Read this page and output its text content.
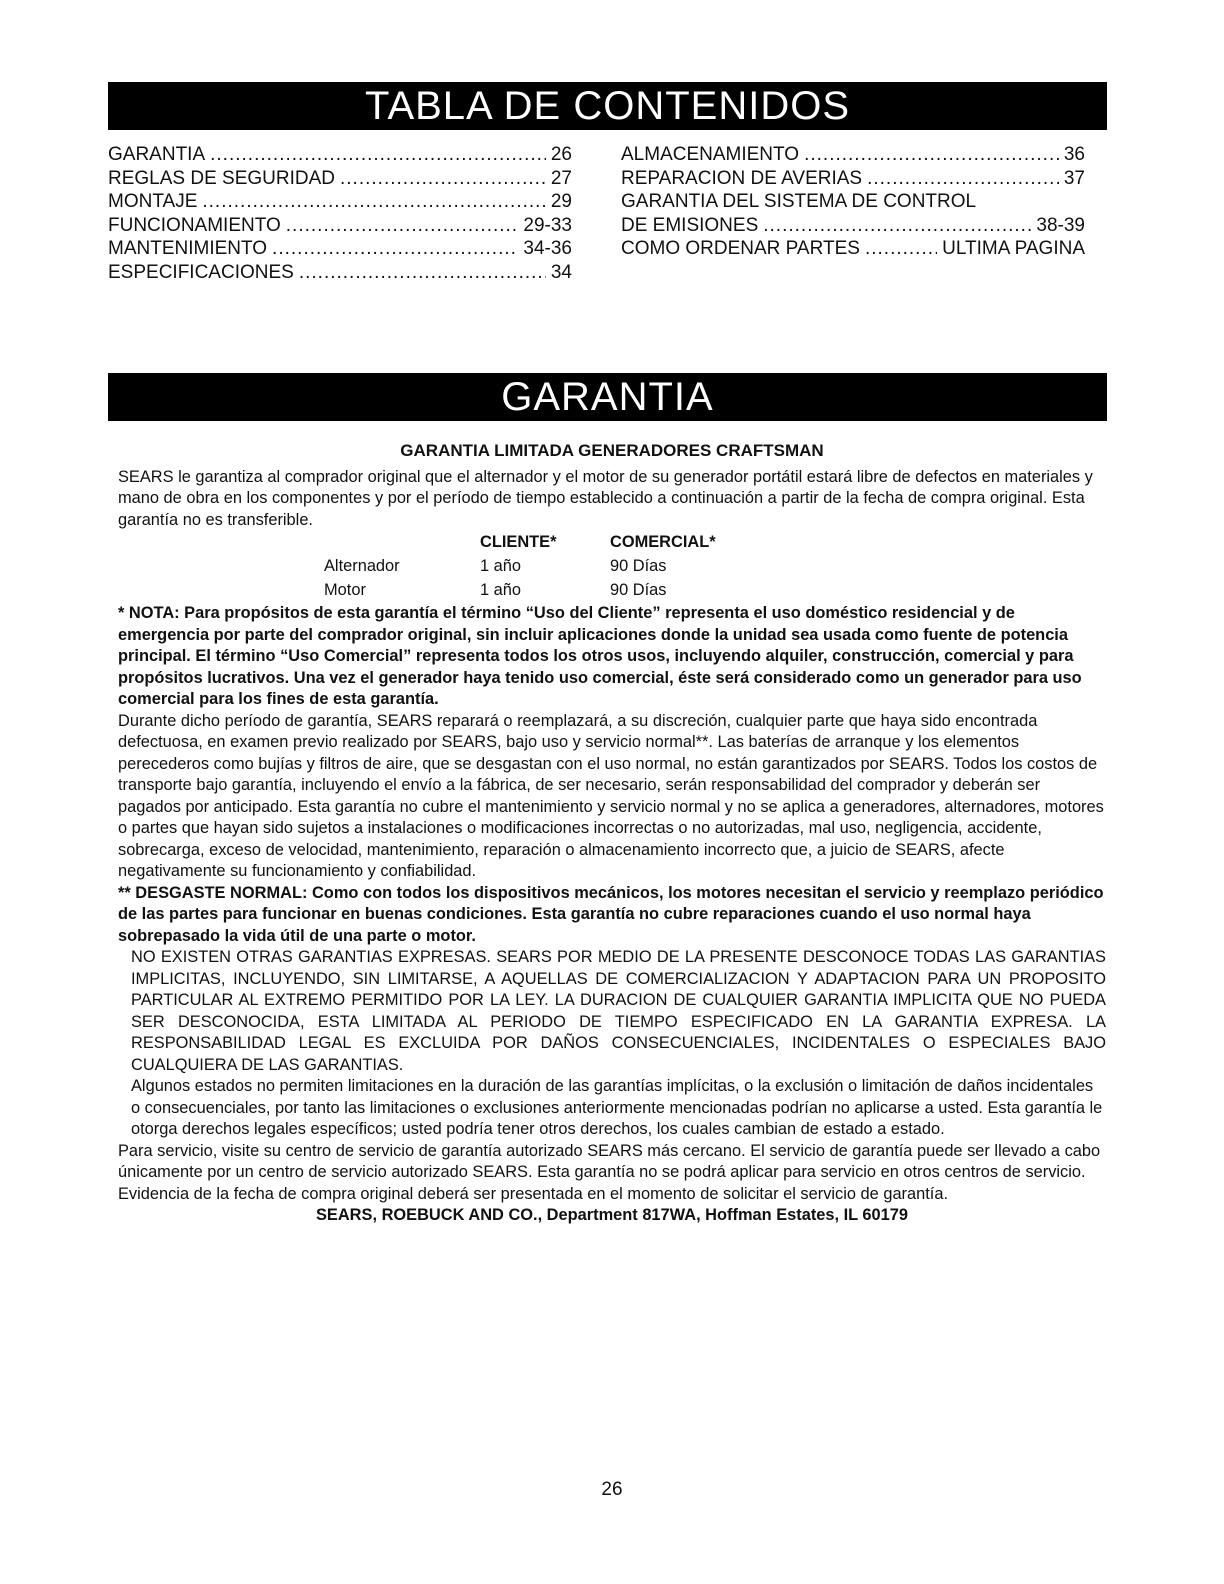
TABLA DE CONTENIDOS
GARANTIA .....	26
REGLAS DE SEGURIDAD .....	27
MONTAJE .....	29
FUNCIONAMIENTO .....	29-33
MANTENIMIENTO .....	34-36
ESPECIFICACIONES .....	34
ALMACENAMIENTO .....	36
REPARACION DE AVERIAS .....	37
GARANTIA DEL SISTEMA DE CONTROL
DE EMISIONES .....	38-39
COMO ORDENAR PARTES .....	ULTIMA PAGINA
GARANTIA

GARANTIA LIMITADA GENERADORES CRAFTSMAN

SEARS le garantiza al comprador original que el alternador y el motor de su generador portátil estará libre de defectos en materiales y mano de obra en los componentes y por el período de tiempo establecido a continuación a partir de la fecha de compra original. Esta garantía no es transferible.

	CLIENTE*	COMERCIAL*
Alternador	1 año	90 Días
Motor	1 año	90 Días

* NOTA: Para propósitos de esta garantía el término “Uso del Cliente” representa el uso doméstico residencial y de emergencia por parte del comprador original, sin incluir aplicaciones donde la unidad sea usada como fuente de potencia principal. El término “Uso Comercial” representa todos los otros usos, incluyendo alquiler, construcción, comercial y para propósitos lucrativos. Una vez el generador haya tenido uso comercial, éste será considerado como un generador para uso comercial para los fines de esta garantía.

Durante dicho período de garantía, SEARS reparará o reemplazará, a su discreción, cualquier parte que haya sido encontrada defectuosa, en examen previo realizado por SEARS, bajo uso y servicio normal**. Las baterías de arranque y los elementos perecederos como bujías y filtros de aire, que se desgastan con el uso normal, no están garantizados por SEARS. Todos los costos de transporte bajo garantía, incluyendo el envío a la fábrica, de ser necesario, serán responsabilidad del comprador y deberán ser pagados por anticipado. Esta garantía no cubre el mantenimiento y servicio normal y no se aplica a generadores, alternadores, motores o partes que hayan sido sujetos a instalaciones o modificaciones incorrectas o no autorizadas, mal uso, negligencia, accidente, sobrecarga, exceso de velocidad, mantenimiento, reparación o almacenamiento incorrecto que, a juicio de SEARS, afecte negativamente su funcionamiento y confiabilidad.

** DESGASTE NORMAL: Como con todos los dispositivos mecánicos, los motores necesitan el servicio y reemplazo periódico de las partes para funcionar en buenas condiciones. Esta garantía no cubre reparaciones cuando el uso normal haya sobrepasado la vida útil de una parte o motor.

NO EXISTEN OTRAS GARANTIAS EXPRESAS. SEARS POR MEDIO DE LA PRESENTE DESCONOCE TODAS LAS GARANTIAS IMPLICITAS, INCLUYENDO, SIN LIMITARSE, A AQUELLAS DE COMERCIALIZACION Y ADAPTACION PARA UN PROPOSITO PARTICULAR AL EXTREMO PERMITIDO POR LA LEY. LA DURACION DE CUALQUIER GARANTIA IMPLICITA QUE NO PUEDA SER DESCONOCIDA, ESTA LIMITADA AL PERIODO DE TIEMPO ESPECIFICADO EN LA GARANTIA EXPRESA. LA RESPONSABILIDAD LEGAL ES EXCLUIDA POR DAÑOS CONSECUENCIALES, INCIDENTALES O ESPECIALES BAJO CUALQUIERA DE LAS GARANTIAS.

Algunos estados no permiten limitaciones en la duración de las garantías implícitas, o la exclusión o limitación de daños incidentales o consecuenciales, por tanto las limitaciones o exclusiones anteriormente mencionadas podrían no aplicarse a usted. Esta garantía le otorga derechos legales específicos; usted podría tener otros derechos, los cuales cambian de estado a estado.

Para servicio, visite su centro de servicio de garantía autorizado SEARS más cercano. El servicio de garantía puede ser llevado a cabo únicamente por un centro de servicio autorizado SEARS. Esta garantía no se podrá aplicar para servicio en otros centros de servicio. Evidencia de la fecha de compra original deberá ser presentada en el momento de solicitar el servicio de garantía.

SEARS, ROEBUCK AND CO., Department 817WA, Hoffman Estates, IL 60179

26
